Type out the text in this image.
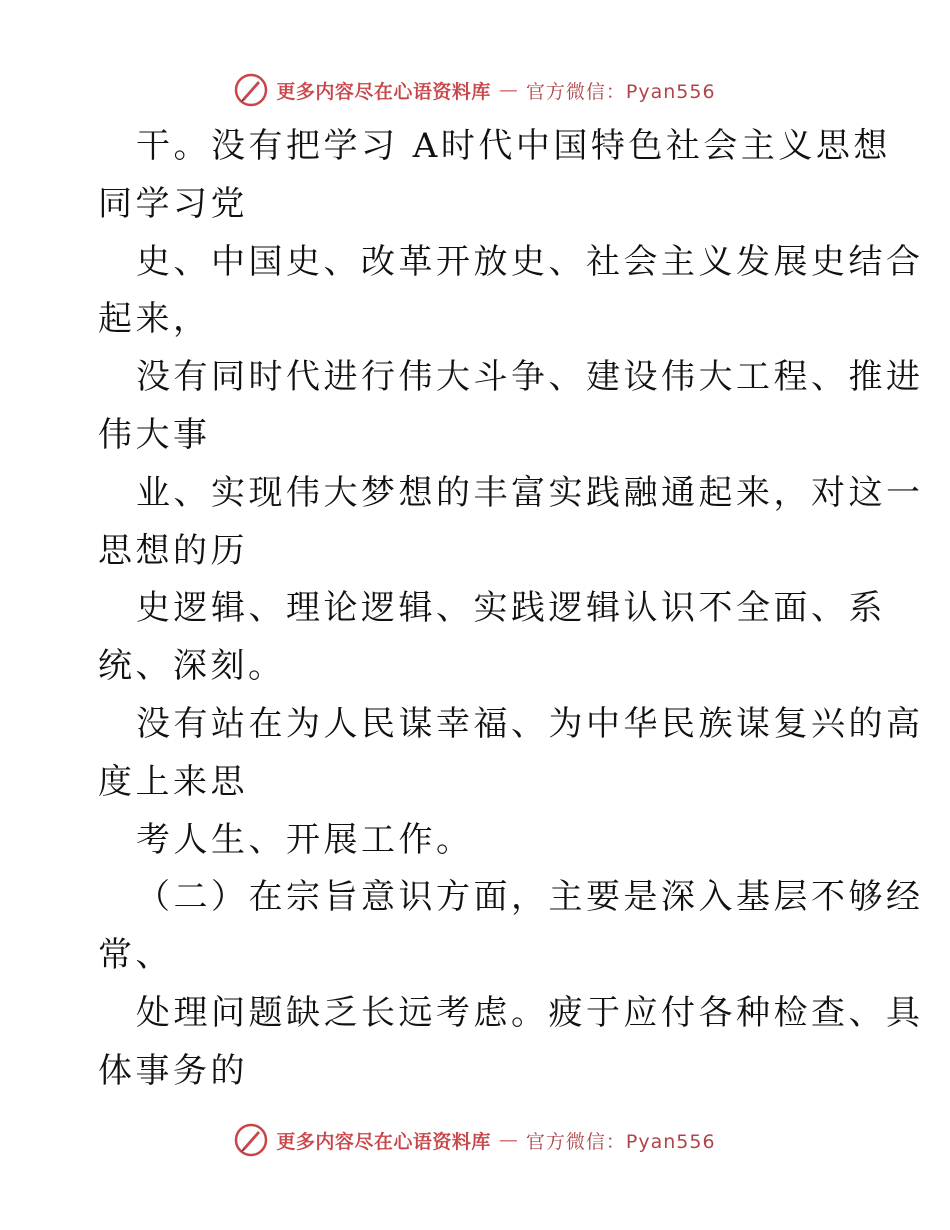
更多内容尽在心语资料库 — 官方微信：Pyan556
干。没有把学习 A时代中国特色社会主义思想
同学习党
史、中国史、改革开放史、社会主义发展史结合
起来，
没有同时代进行伟大斗争、建设伟大工程、推进
伟大事
业、实现伟大梦想的丰富实践融通起来，对这一
思想的历
史逻辑、理论逻辑、实践逻辑认识不全面、系
统、深刻。
没有站在为人民谋幸福、为中华民族谋复兴的高
度上来思
考人生、开展工作。
（二）在宗旨意识方面，主要是深入基层不够经
常、
处理问题缺乏长远考虑。疲于应付各种检查、具
体事务的
更多内容尽在心语资料库 — 官方微信：Pyan556
